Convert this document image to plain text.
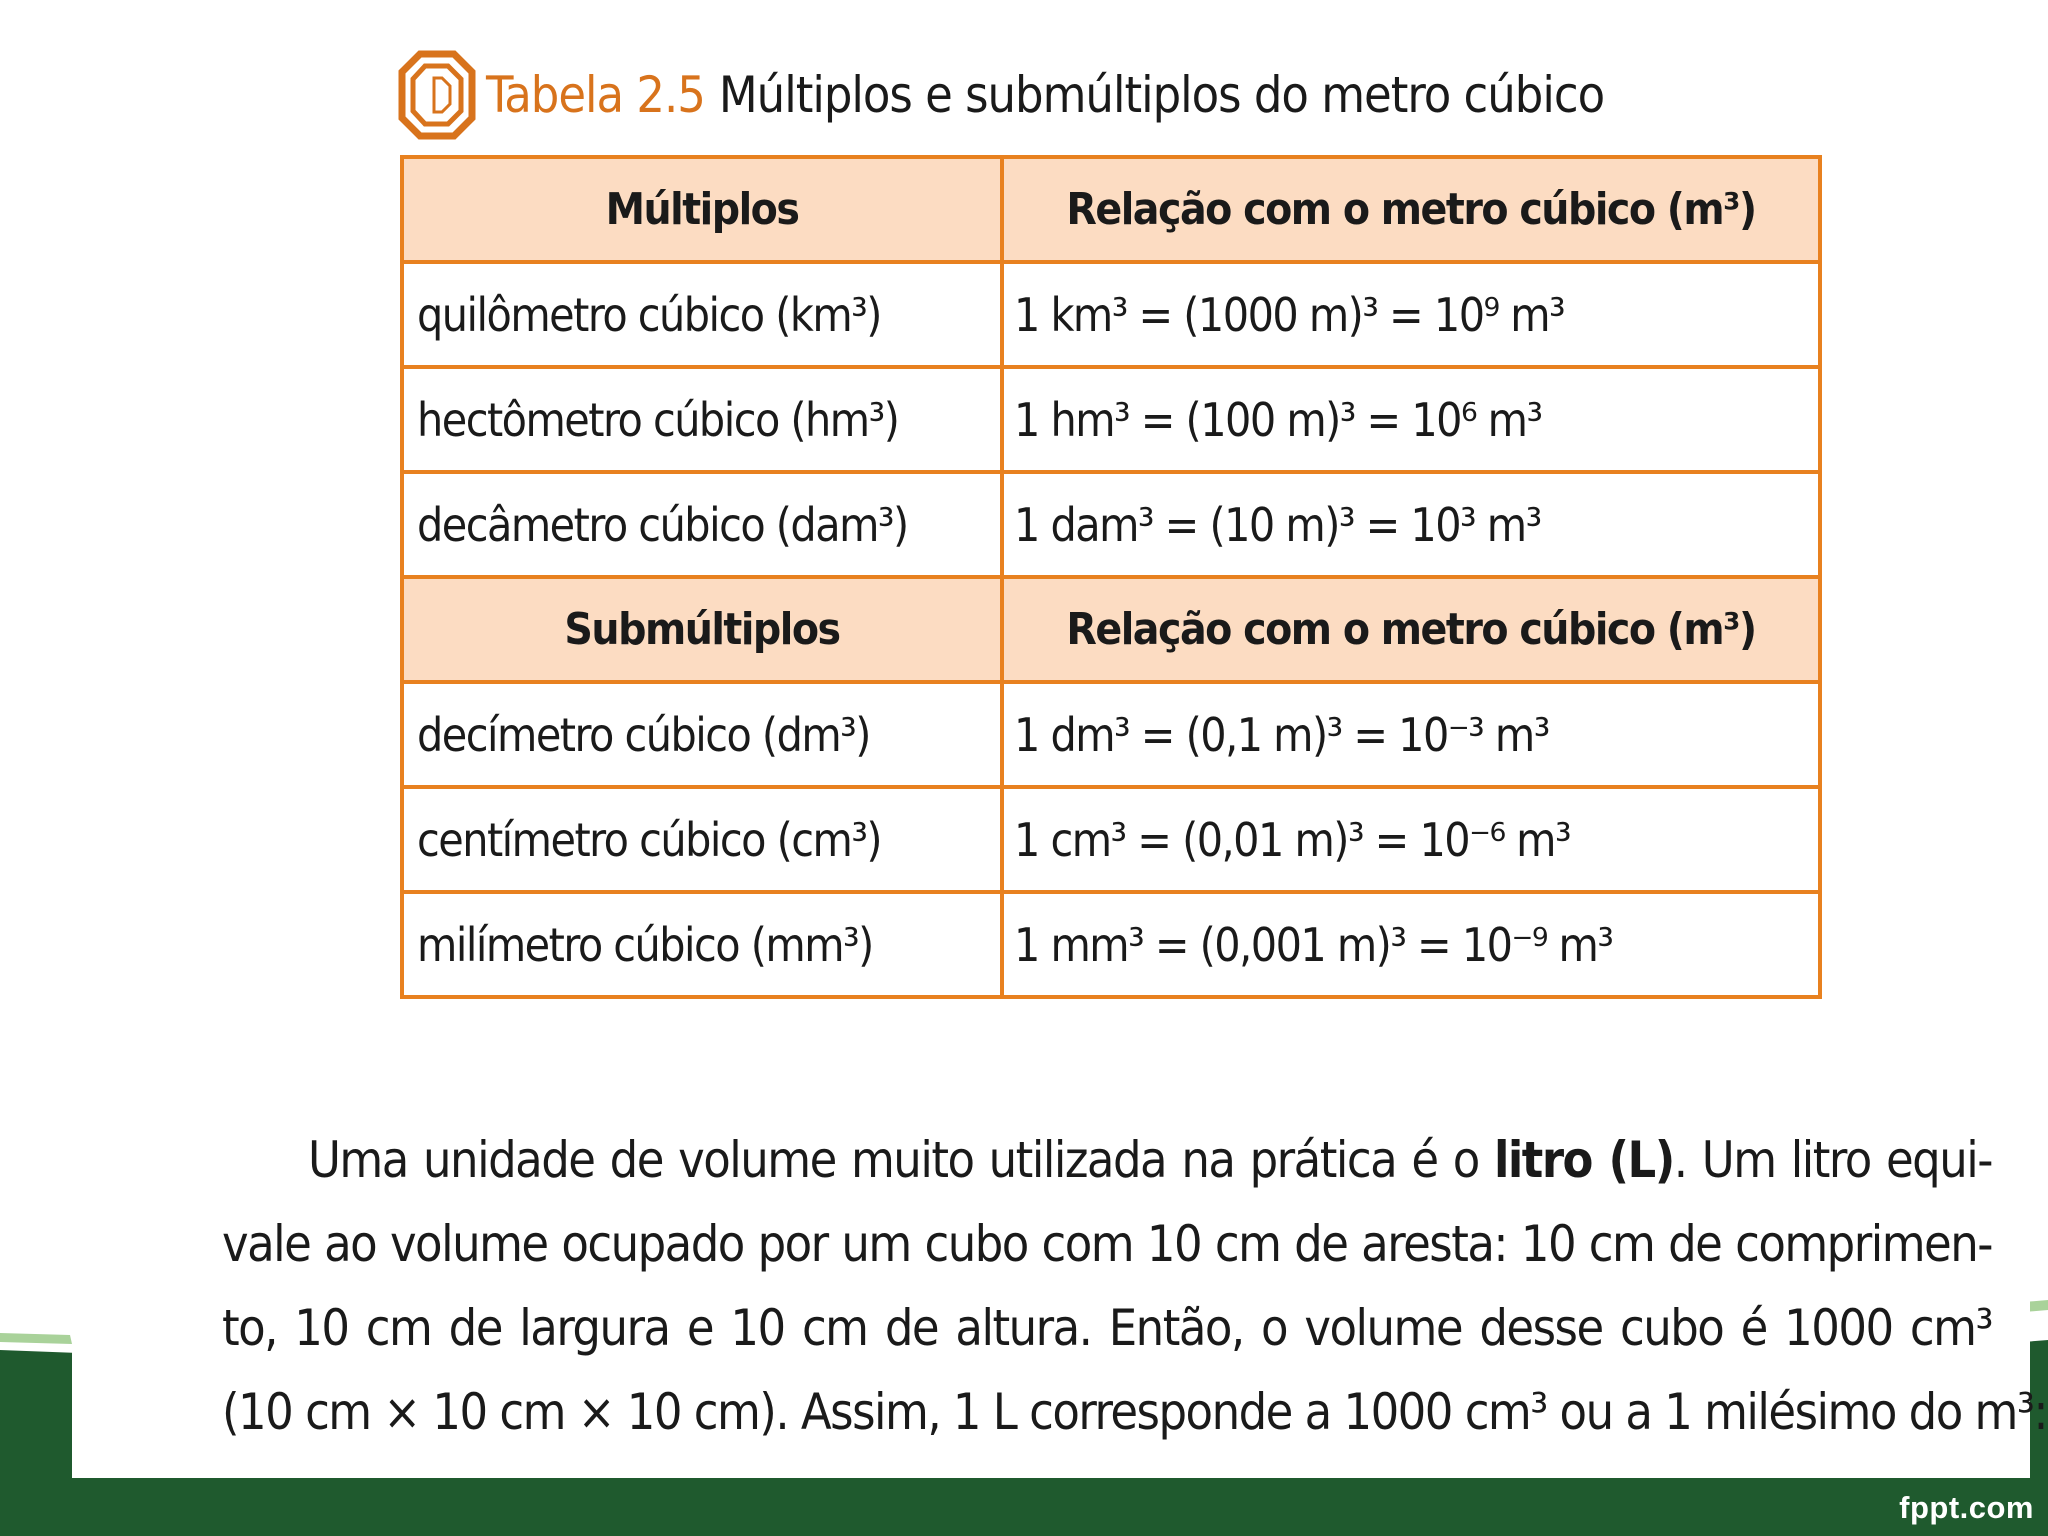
fppt.com
Tabela 2.5 Múltiplos e submúltiplos do metro cúbico
Múltiplos	Relação com o metro cúbico (m³)
quilômetro cúbico (km³)	1 km³ = (1000 m)³ = 10⁹ m³
hectômetro cúbico (hm³)	1 hm³ = (100 m)³ = 10⁶ m³
decâmetro cúbico (dam³)	1 dam³ = (10 m)³ = 10³ m³
Submúltiplos	Relação com o metro cúbico (m³)
decímetro cúbico (dm³)	1 dm³ = (0,1 m)³ = 10⁻³ m³
centímetro cúbico (cm³)	1 cm³ = (0,01 m)³ = 10⁻⁶ m³
milímetro cúbico (mm³)	1 mm³ = (0,001 m)³ = 10⁻⁹ m³
Uma unidade de volume muito utilizada na prática é o litro (L). Um litro equi-
vale ao volume ocupado por um cubo com 10 cm de aresta: 10 cm de comprimen-
to, 10 cm de largura e 10 cm de altura. Então, o volume desse cubo é 1000 cm³
(10 cm × 10 cm × 10 cm). Assim, 1 L corresponde a 1000 cm³ ou a 1 milésimo do m³:
